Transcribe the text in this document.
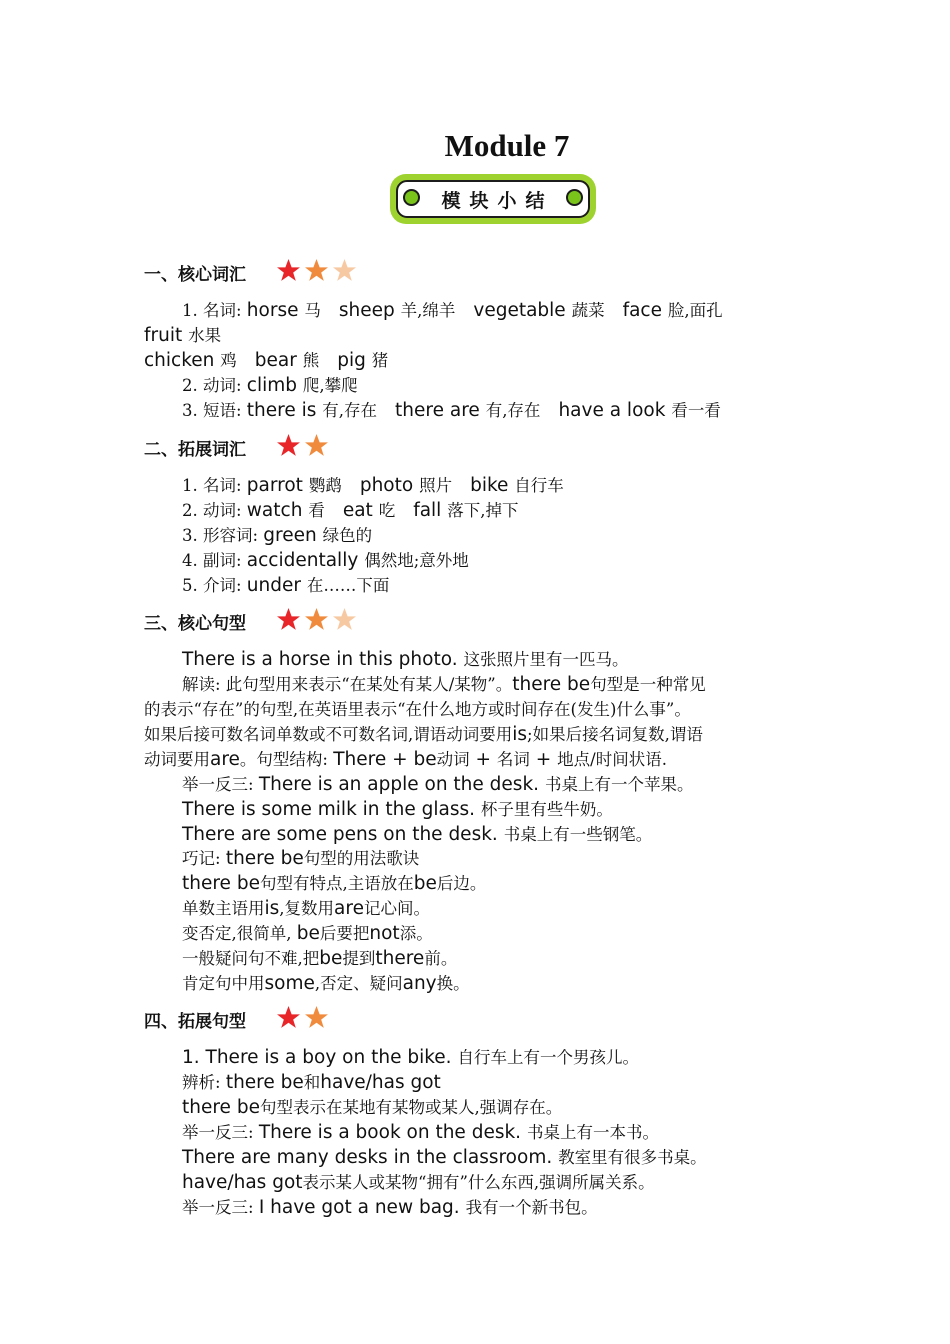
Module 7
模块小结
一、核心词汇

1. 名词: horse 马 sheep 羊,绵羊 vegetable 蔬菜 face 脸,面孔
fruit 水果
chicken 鸡 bear 熊 pig 猪
2. 动词: climb 爬,攀爬
3. 短语: there is 有,存在 there are 有,存在 have a look 看一看
二、拓展词汇

1. 名词: parrot 鹦鹉 photo 照片 bike 自行车
2. 动词: watch 看 eat 吃 fall 落下,掉下
3. 形容词: green 绿色的
4. 副词: accidentally 偶然地;意外地
5. 介词: under 在……下面
三、核心句型

There is a horse in this photo. 这张照片里有一匹马。
解读: 此句型用来表示“在某处有某人/某物”。there be句型是一种常见
的表示“存在”的句型,在英语里表示“在什么地方或时间存在(发生)什么事”。
如果后接可数名词单数或不可数名词,谓语动词要用is;如果后接名词复数,谓语
动词要用are。句型结构: There + be动词 + 名词 + 地点/时间状语.
举一反三: There is an apple on the desk. 书桌上有一个苹果。
There is some milk in the glass. 杯子里有些牛奶。
There are some pens on the desk. 书桌上有一些钢笔。
巧记: there be句型的用法歌诀
there be句型有特点,主语放在be后边。
单数主语用is,复数用are记心间。
变否定,很简单, be后要把not添。
一般疑问句不难,把be提到there前。
肯定句中用some,否定、疑问any换。
四、拓展句型

1. There is a boy on the bike. 自行车上有一个男孩儿。
辨析: there be和have/has got
there be句型表示在某地有某物或某人,强调存在。
举一反三: There is a book on the desk. 书桌上有一本书。
There are many desks in the classroom. 教室里有很多书桌。
have/has got表示某人或某物“拥有”什么东西,强调所属关系。
举一反三: I have got a new bag. 我有一个新书包。
